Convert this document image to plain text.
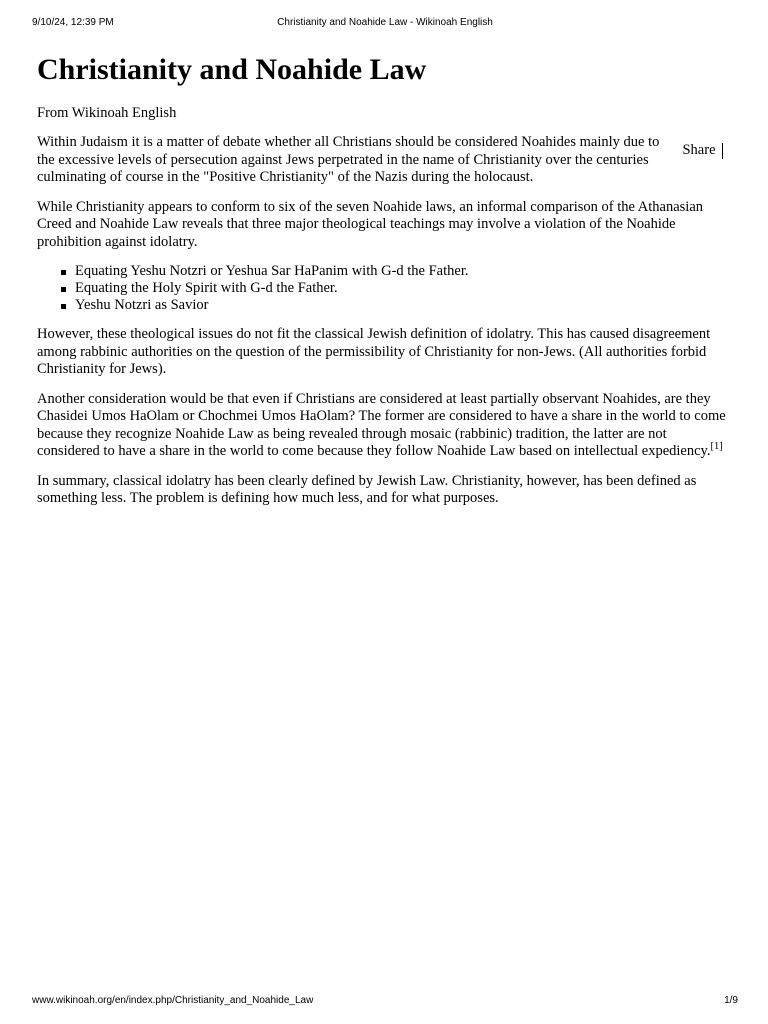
9/10/24, 12:39 PM	Christianity and Noahide Law - Wikinoah English
Christianity and Noahide Law
From Wikinoah English
Share

Within Judaism it is a matter of debate whether all Christians should be considered Noahides mainly due to the excessive levels of persecution against Jews perpetrated in the name of Christianity over the centuries culminating of course in the "Positive Christianity" of the Nazis during the holocaust.

While Christianity appears to conform to six of the seven Noahide laws, an informal comparison of the Athanasian Creed and Noahide Law reveals that three major theological teachings may involve a violation of the Noahide prohibition against idolatry.

Equating Yeshu Notzri or Yeshua Sar HaPanim with G-d the Father.
Equating the Holy Spirit with G-d the Father.
Yeshu Notzri as Savior

However, these theological issues do not fit the classical Jewish definition of idolatry. This has caused disagreement among rabbinic authorities on the question of the permissibility of Christianity for non-Jews. (All authorities forbid Christianity for Jews).

Another consideration would be that even if Christians are considered at least partially observant Noahides, are they Chasidei Umos HaOlam or Chochmei Umos HaOlam? The former are considered to have a share in the world to come because they recognize Noahide Law as being revealed through mosaic (rabbinic) tradition, the latter are not considered to have a share in the world to come because they follow Noahide Law based on intellectual expediency.[1]

In summary, classical idolatry has been clearly defined by Jewish Law. Christianity, however, has been defined as something less. The problem is defining how much less, and for what purposes.

www.wikinoah.org/en/index.php/Christianity_and_Noahide_Law	1/9
